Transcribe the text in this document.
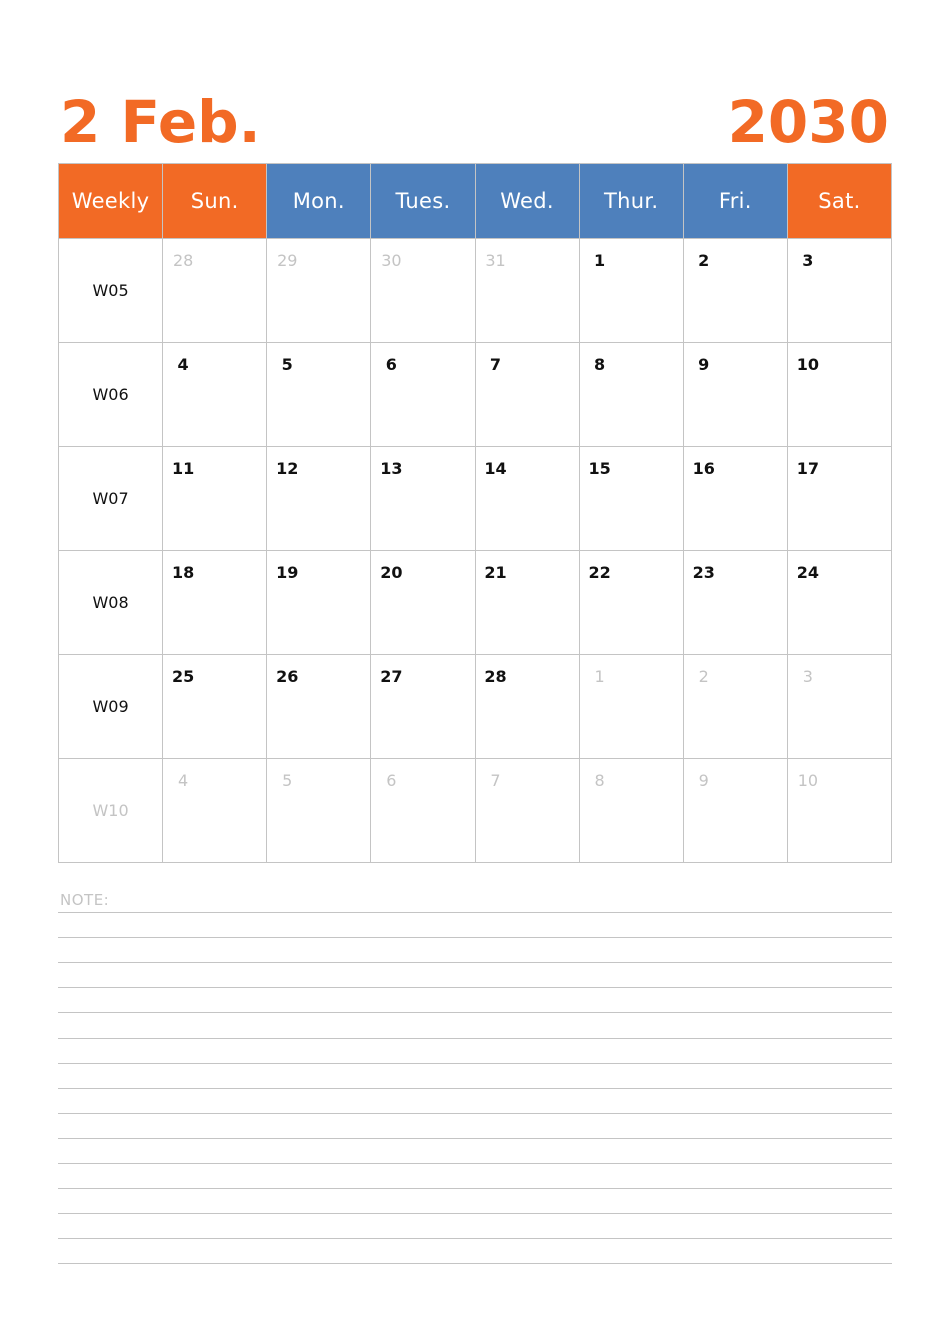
2 Feb.	2030
Weekly	Sun.	Mon.	Tues.	Wed.	Thur.	Fri.	Sat.
W05	28	29	30	31	1	2	3

W06	4	5	6	7	8	9	10

W07	11	12	13	14	15	16	17

W08	18	19	20	21	22	23	24

W09	25	26	27	28	1	2	3

W10	4	5	6	7	8	9	10
NOTE:
